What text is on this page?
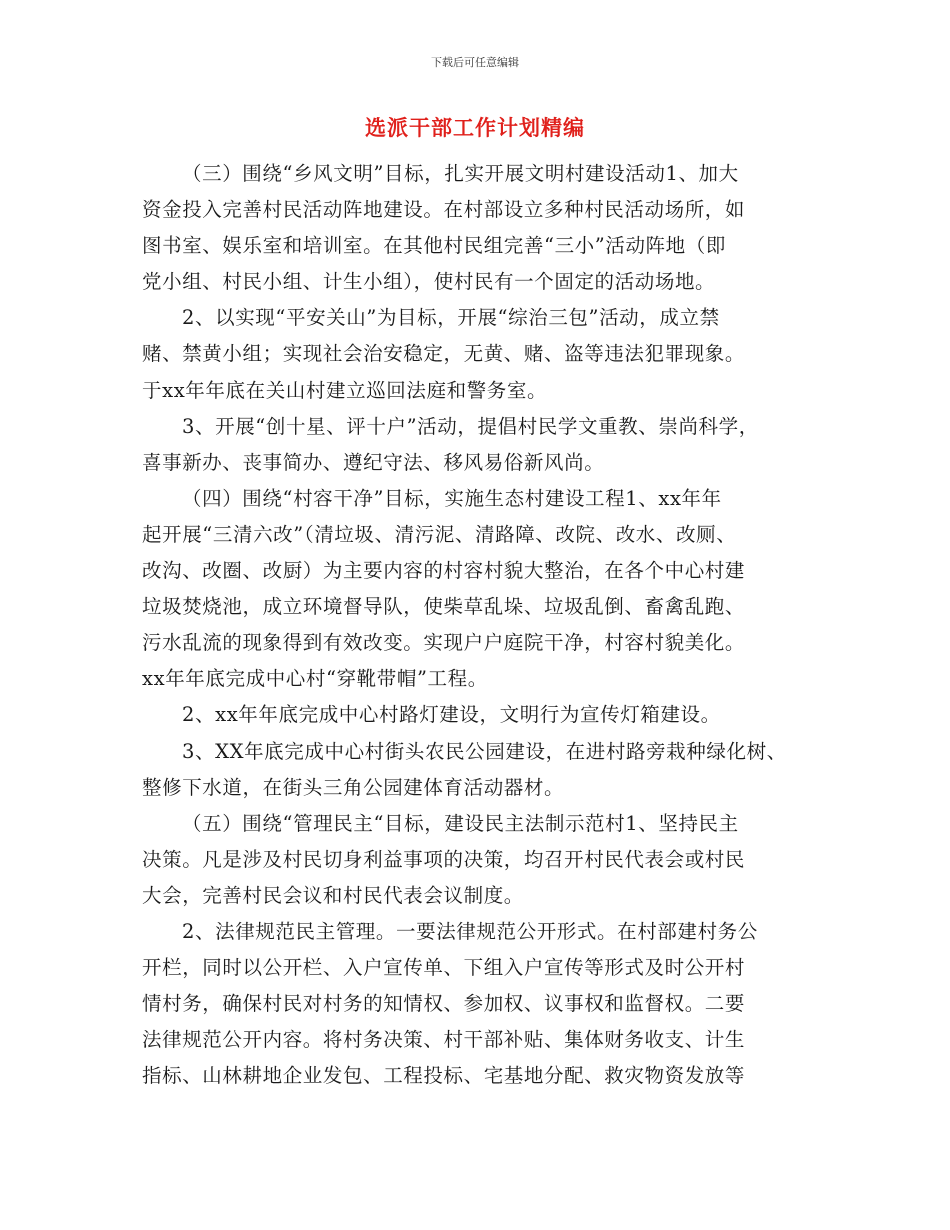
下载后可任意编辑
选派干部工作计划精编
（三）围绕“乡风文明”目标，扎实开展文明村建设活动1、加大
资金投入完善村民活动阵地建设。在村部设立多种村民活动场所，如
图书室、娱乐室和培训室。在其他村民组完善“三小”活动阵地（即
党小组、村民小组、计生小组），使村民有一个固定的活动场地。
2、以实现“平安关山”为目标，开展“综治三包”活动，成立禁
赌、禁黄小组；实现社会治安稳定，无黄、赌、盗等违法犯罪现象。
于xx年年底在关山村建立巡回法庭和警务室。
3、开展“创十星、评十户”活动，提倡村民学文重教、崇尚科学，
喜事新办、丧事简办、遵纪守法、移风易俗新风尚。
（四）围绕“村容干净”目标，实施生态村建设工程1、xx年年
起开展“三清六改”（清垃圾、清污泥、清路障、改院、改水、改厕、
改沟、改圈、改厨）为主要内容的村容村貌大整治，在各个中心村建
垃圾焚烧池，成立环境督导队，使柴草乱垛、垃圾乱倒、畜禽乱跑、
污水乱流的现象得到有效改变。实现户户庭院干净，村容村貌美化。
xx年年底完成中心村“穿靴带帽”工程。
2、xx年年底完成中心村路灯建设，文明行为宣传灯箱建设。
3、XX年底完成中心村街头农民公园建设，在进村路旁栽种绿化树、
整修下水道，在街头三角公园建体育活动器材。
（五）围绕“管理民主“目标，建设民主法制示范村1、坚持民主
决策。凡是涉及村民切身利益事项的决策，均召开村民代表会或村民
大会，完善村民会议和村民代表会议制度。
2、法律规范民主管理。一要法律规范公开形式。在村部建村务公
开栏，同时以公开栏、入户宣传单、下组入户宣传等形式及时公开村
情村务，确保村民对村务的知情权、参加权、议事权和监督权。二要
法律规范公开内容。将村务决策、村干部补贴、集体财务收支、计生
指标、山林耕地企业发包、工程投标、宅基地分配、救灾物资发放等
